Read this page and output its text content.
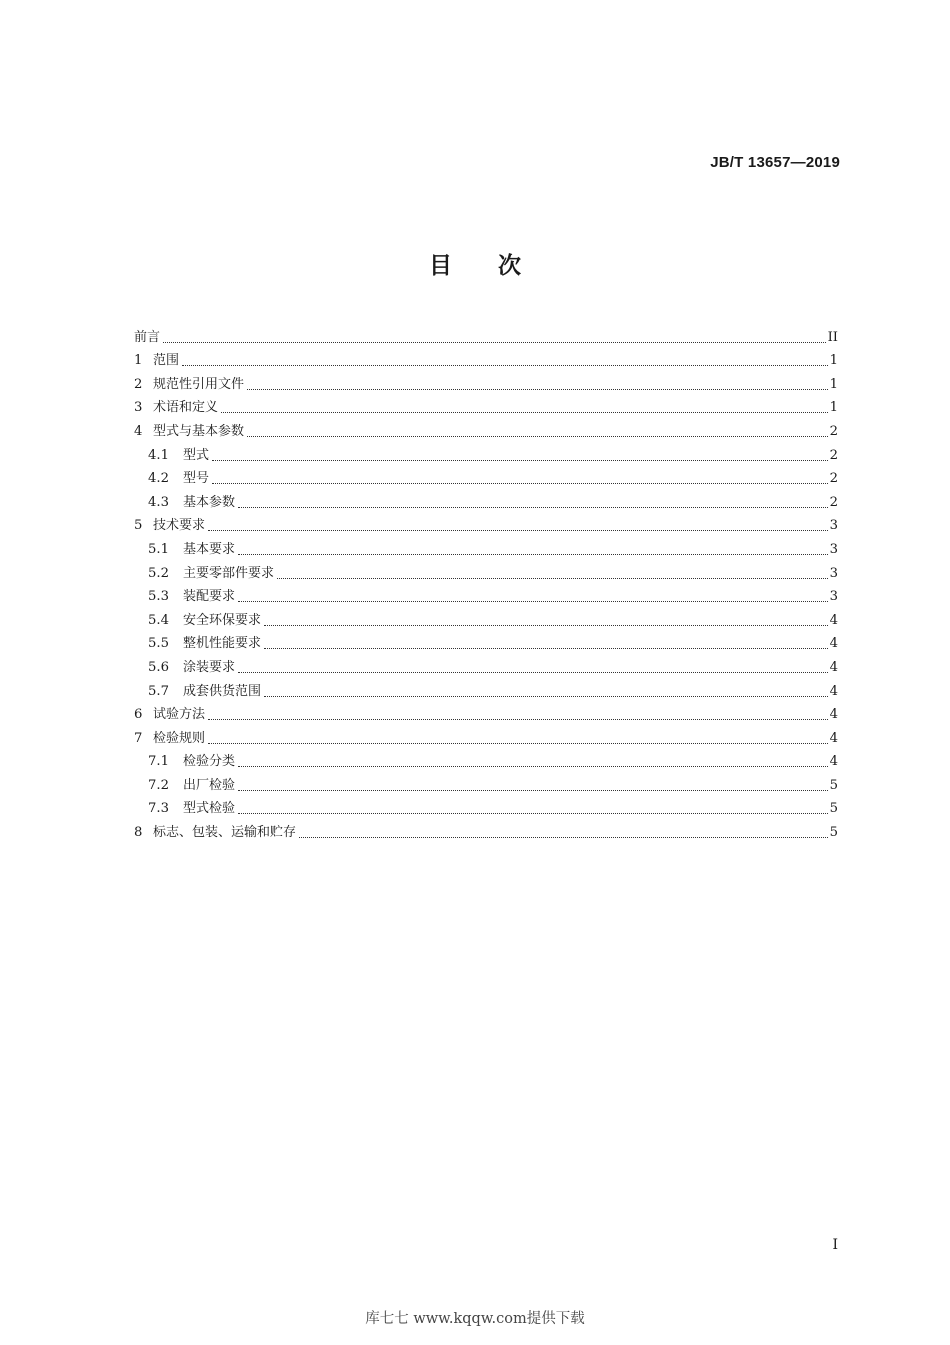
JB/T 13657—2019
目 次
前言	II
1 范围	1
2 规范性引用文件	1
3 术语和定义	1
4 型式与基本参数	2
4.1	型式	2
4.2	型号	2
4.3	基本参数	2
5 技术要求	3
5.1	基本要求	3
5.2	主要零部件要求	3
5.3	装配要求	3
5.4	安全环保要求	4
5.5	整机性能要求	4
5.6	涂装要求	4
5.7	成套供货范围	4
6 试验方法	4
7 检验规则	4
7.1	检验分类	4
7.2	出厂检验	5
7.3	型式检验	5
8 标志、包装、运输和贮存	5
I
库七七 www.kqqw.com提供下载
